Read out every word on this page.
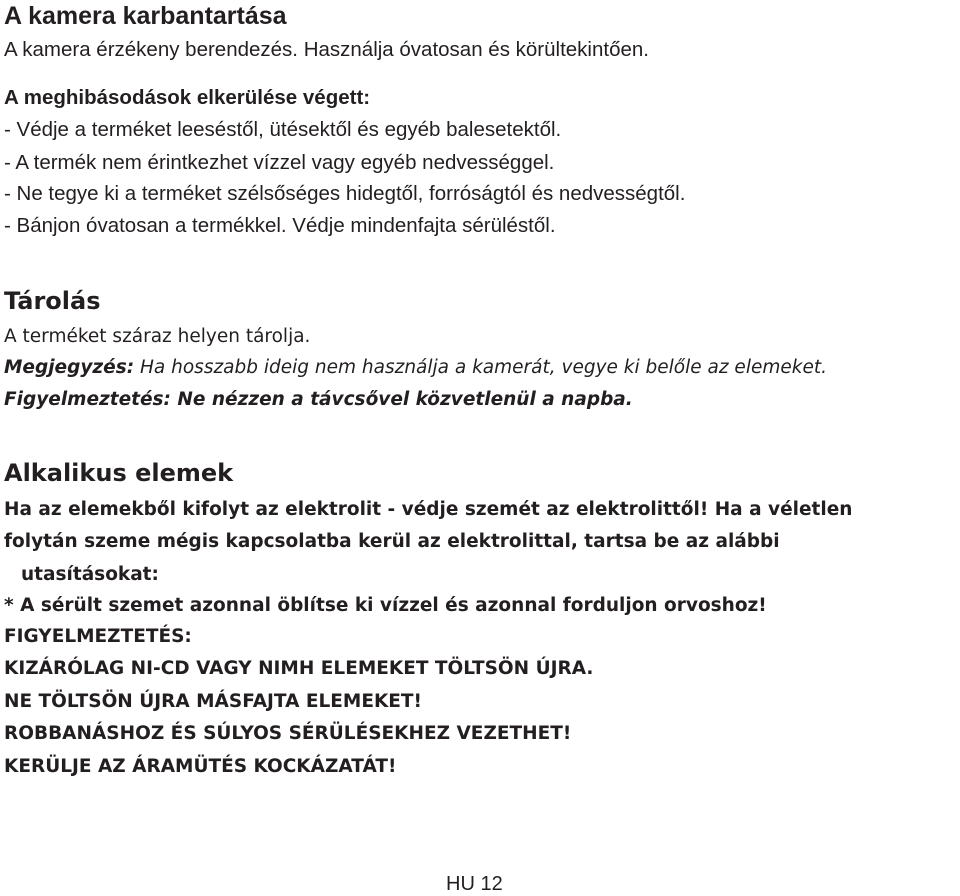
A kamera karbantartása
A kamera érzékeny berendezés. Használja óvatosan és körültekintően.
A meghibásodások elkerülése végett:
- Védje a terméket leeséstől, ütésektől és egyéb balesetektől.
- A termék nem érintkezhet vízzel vagy egyéb nedvességgel.
- Ne tegye ki a terméket szélsőséges hidegtől, forróságtól és nedvességtől.
- Bánjon óvatosan a termékkel. Védje mindenfajta sérüléstől.
Tárolás
A terméket száraz helyen tárolja.
Megjegyzés: Ha hosszabb ideig nem használja a kamerát, vegye ki belőle az elemeket.
Figyelmeztetés: Ne nézzen a távcsővel közvetlenül a napba.
Alkalikus elemek
Ha az elemekből kifolyt az elektrolit - védje szemét az elektrolittől! Ha a véletlen
folytán szeme mégis kapcsolatba kerül az elektrolittal, tartsa be az alábbi
utasításokat:
* A sérült szemet azonnal öblítse ki vízzel és azonnal forduljon orvoshoz!
FIGYELMEZTETÉS:
KIZÁRÓLAG NI-CD VAGY NIMH ELEMEKET TÖLTSÖN ÚJRA.
NE TÖLTSÖN ÚJRA MÁSFAJTA ELEMEKET!
ROBBANÁSHOZ ÉS SÚLYOS SÉRÜLÉSEKHEZ VEZETHET!
KERÜLJE AZ ÁRAMÜTÉS KOCKÁZATÁT!
HU 12
